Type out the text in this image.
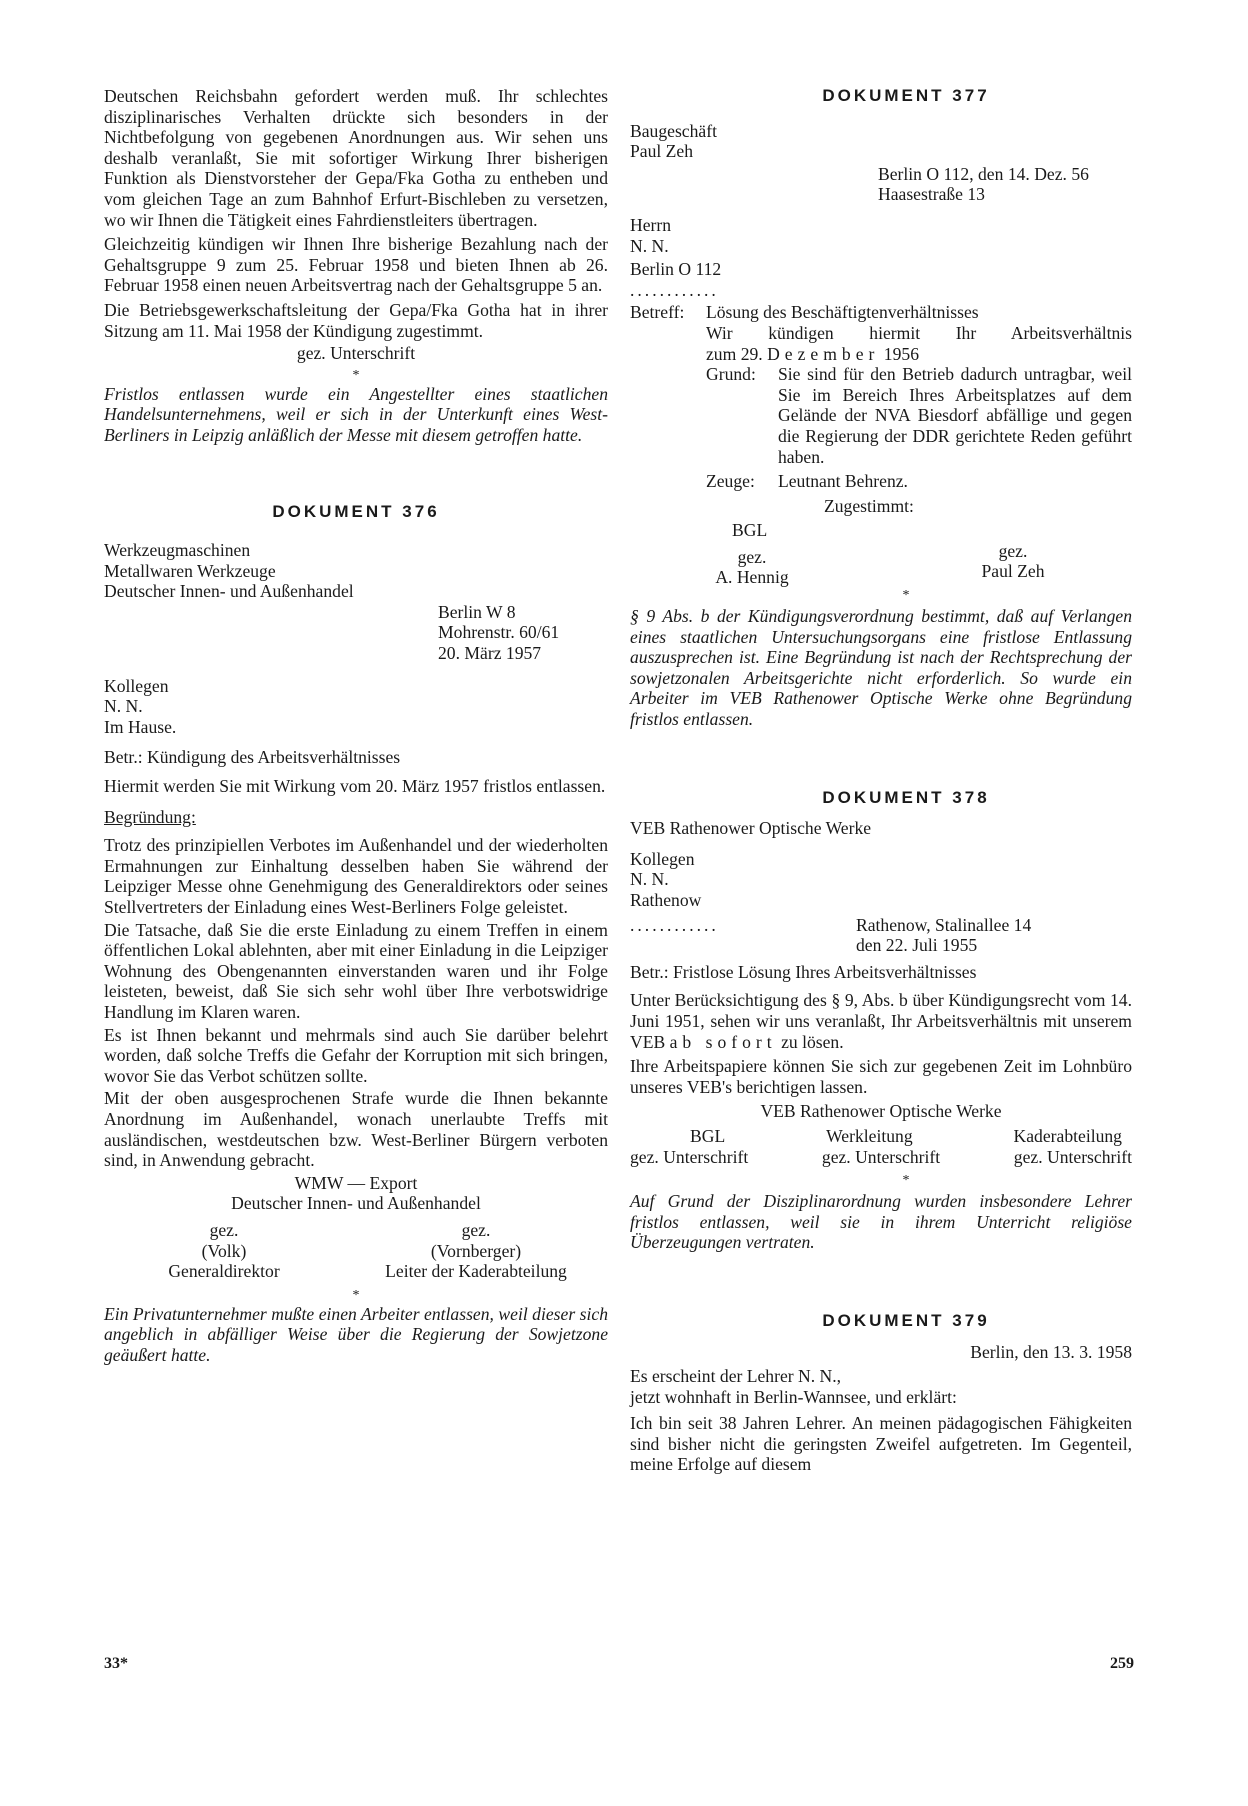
Deutschen Reichsbahn gefordert werden muß. Ihr schlechtes disziplinarisches Verhalten drückte sich besonders in der Nichtbefolgung von gegebenen Anordnungen aus. Wir sehen uns deshalb veranlaßt, Sie mit sofortiger Wirkung Ihrer bisherigen Funktion als Dienstvorsteher der Gepa/Fka Gotha zu entheben und vom gleichen Tage an zum Bahnhof Erfurt-Bischleben zu versetzen, wo wir Ihnen die Tätigkeit eines Fahrdienstleiters übertragen.

Gleichzeitig kündigen wir Ihnen Ihre bisherige Bezahlung nach der Gehaltsgruppe 9 zum 25. Februar 1958 und bieten Ihnen ab 26. Februar 1958 einen neuen Arbeitsvertrag nach der Gehaltsgruppe 5 an.

Die Betriebsgewerkschaftsleitung der Gepa/Fka Gotha hat in ihrer Sitzung am 11. Mai 1958 der Kündigung zugestimmt.

gez. Unterschrift
*

Fristlos entlassen wurde ein Angestellter eines staatlichen Handelsunternehmens, weil er sich in der Unterkunft eines West-Berliners in Leipzig anläßlich der Messe mit diesem getroffen hatte.

DOKUMENT 376
Werkzeugmaschinen
Metallwaren Werkzeuge
Deutscher Innen- und Außenhandel
Berlin W 8
Mohrenstr. 60/61
20. März 1957
Kollegen
N. N.
Im Hause.
Betr.: Kündigung des Arbeitsverhältnisses

Hiermit werden Sie mit Wirkung vom 20. März 1957 fristlos entlassen.

Begründung:

Trotz des prinzipiellen Verbotes im Außenhandel und der wiederholten Ermahnungen zur Einhaltung desselben haben Sie während der Leipziger Messe ohne Genehmigung des Generaldirektors oder seines Stellvertreters der Einladung eines West-Berliners Folge geleistet.

Die Tatsache, daß Sie die erste Einladung zu einem Treffen in einem öffentlichen Lokal ablehnten, aber mit einer Einladung in die Leipziger Wohnung des Obengenannten einverstanden waren und ihr Folge leisteten, beweist, daß Sie sich sehr wohl über Ihre verbotswidrige Handlung im Klaren waren.

Es ist Ihnen bekannt und mehrmals sind auch Sie darüber belehrt worden, daß solche Treffs die Gefahr der Korruption mit sich bringen, wovor Sie das Verbot schützen sollte.

Mit der oben ausgesprochenen Strafe wurde die Ihnen bekannte Anordnung im Außenhandel, wonach unerlaubte Treffs mit ausländischen, westdeutschen bzw. West-Berliner Bürgern verboten sind, in Anwendung gebracht.

WMW — Export
Deutscher Innen- und Außenhandel
gez.
(Volk)
Generaldirektor
gez.
(Vornberger)
Leiter der Kaderabteilung
*

Ein Privatunternehmer mußte einen Arbeiter entlassen, weil dieser sich angeblich in abfälliger Weise über die Regierung der Sowjetzone geäußert hatte.

DOKUMENT 377
Baugeschäft
Paul Zeh
Berlin O 112, den 14. Dez. 56
Haasestraße 13
Herrn
N. N.
Berlin O 112
............
Betreff:	Lösung des Beschäftigtenverhältnisses
Wir kündigen hiermit Ihr Arbeitsverhältnis
zum 29. Dezember 1956
Grund:	Sie sind für den Betrieb dadurch untragbar, weil Sie im Bereich Ihres Arbeitsplatzes auf dem Gelände der NVA Biesdorf abfällige und gegen die Regierung der DDR gerichtete Reden geführt haben.
Zeuge:	Leutnant Behrenz.
Zugestimmt:
BGL
gez.
A. Hennig
gez.
Paul Zeh
*

§ 9 Abs. b der Kündigungsverordnung bestimmt, daß auf Verlangen eines staatlichen Untersuchungsorgans eine fristlose Entlassung auszusprechen ist. Eine Begründung ist nach der Rechtsprechung der sowjetzonalen Arbeitsgerichte nicht erforderlich. So wurde ein Arbeiter im VEB Rathenower Optische Werke ohne Begründung fristlos entlassen.

DOKUMENT 378
VEB Rathenower Optische Werke
Kollegen
N. N.
Rathenow
............	Rathenow, Stalinallee 14
den 22. Juli 1955
Betr.: Fristlose Lösung Ihres Arbeitsverhältnisses

Unter Berücksichtigung des § 9, Abs. b über Kündigungsrecht vom 14. Juni 1951, sehen wir uns veranlaßt, Ihr Arbeitsverhältnis mit unserem VEB ab sofort zu lösen.

Ihre Arbeitspapiere können Sie sich zur gegebenen Zeit im Lohnbüro unseres VEB's berichtigen lassen.

VEB Rathenower Optische Werke
BGL	Werkleitung	Kaderabteilung
gez. Unterschrift	gez. Unterschrift	gez. Unterschrift
*

Auf Grund der Disziplinarordnung wurden insbesondere Lehrer fristlos entlassen, weil sie in ihrem Unterricht religiöse Überzeugungen vertraten.

DOKUMENT 379
Berlin, den 13. 3. 1958
Es erscheint der Lehrer N. N.,
jetzt wohnhaft in Berlin-Wannsee, und erklärt:

Ich bin seit 38 Jahren Lehrer. An meinen pädagogischen Fähigkeiten sind bisher nicht die geringsten Zweifel aufgetreten. Im Gegenteil, meine Erfolge auf diesem

33*	259
